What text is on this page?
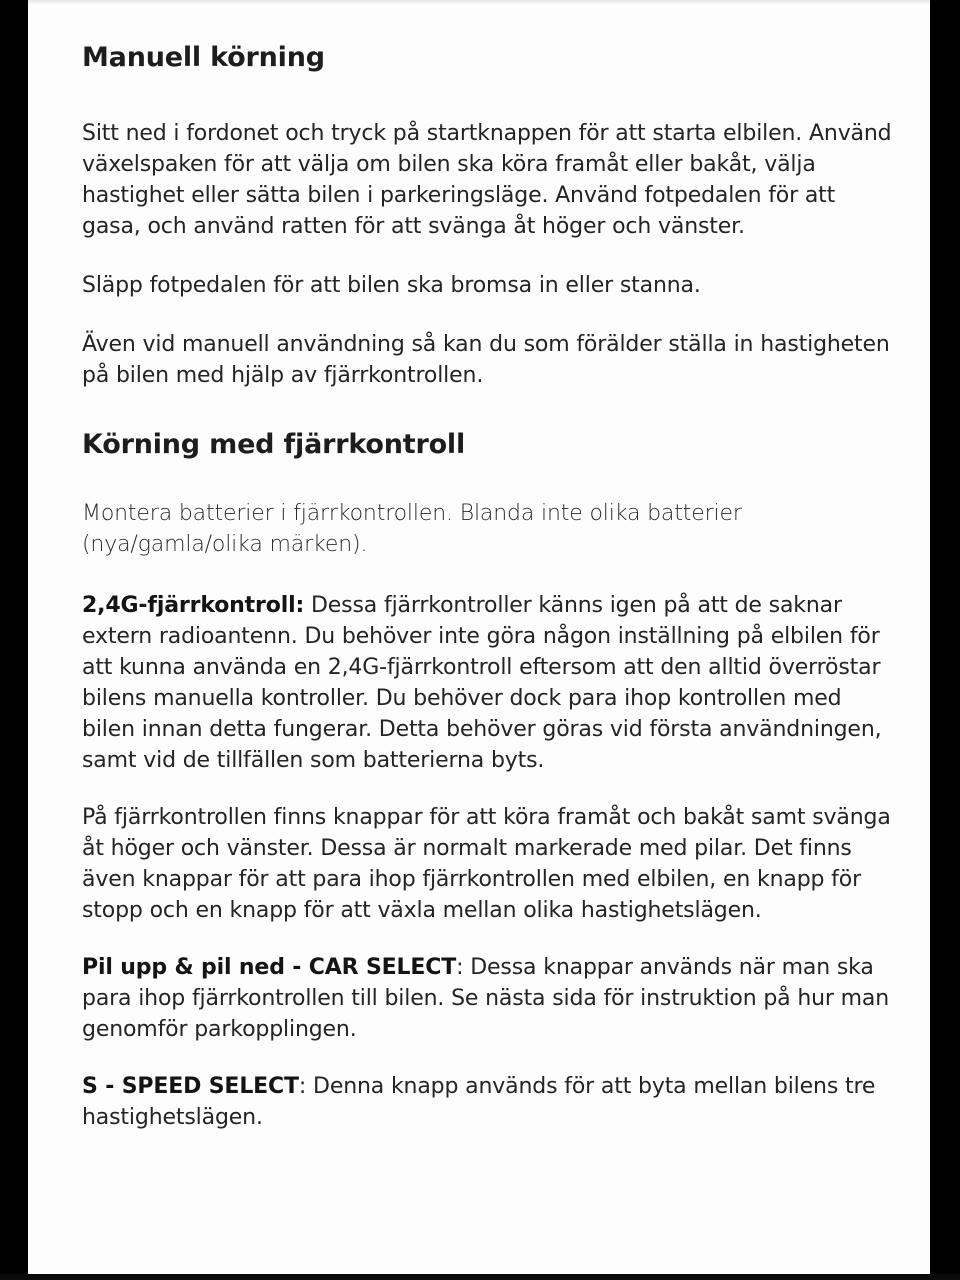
Manuell körning

Sitt ned i fordonet och tryck på startknappen för att starta elbilen. Använd växelspaken för att välja om bilen ska köra framåt eller bakåt, välja hastighet eller sätta bilen i parkeringsläge. Använd fotpedalen för att gasa, och använd ratten för att svänga åt höger och vänster.

Släpp fotpedalen för att bilen ska bromsa in eller stanna.

Även vid manuell användning så kan du som förälder ställa in hastigheten på bilen med hjälp av fjärrkontrollen.

Körning med fjärrkontroll

Montera batterier i fjärrkontrollen. Blanda inte olika batterier (nya/gamla/olika märken).

2,4G-fjärrkontroll: Dessa fjärrkontroller känns igen på att de saknar extern radioantenn. Du behöver inte göra någon inställning på elbilen för att kunna använda en 2,4G-fjärrkontroll eftersom att den alltid överröstar bilens manuella kontroller. Du behöver dock para ihop kontrollen med bilen innan detta fungerar. Detta behöver göras vid första användningen, samt vid de tillfällen som batterierna byts.

På fjärrkontrollen finns knappar för att köra framåt och bakåt samt svänga åt höger och vänster. Dessa är normalt markerade med pilar. Det finns även knappar för att para ihop fjärrkontrollen med elbilen, en knapp för stopp och en knapp för att växla mellan olika hastighetslägen.

Pil upp & pil ned - CAR SELECT: Dessa knappar används när man ska para ihop fjärrkontrollen till bilen. Se nästa sida för instruktion på hur man genomför parkopplingen.

S - SPEED SELECT: Denna knapp används för att byta mellan bilens tre hastighetslägen.
